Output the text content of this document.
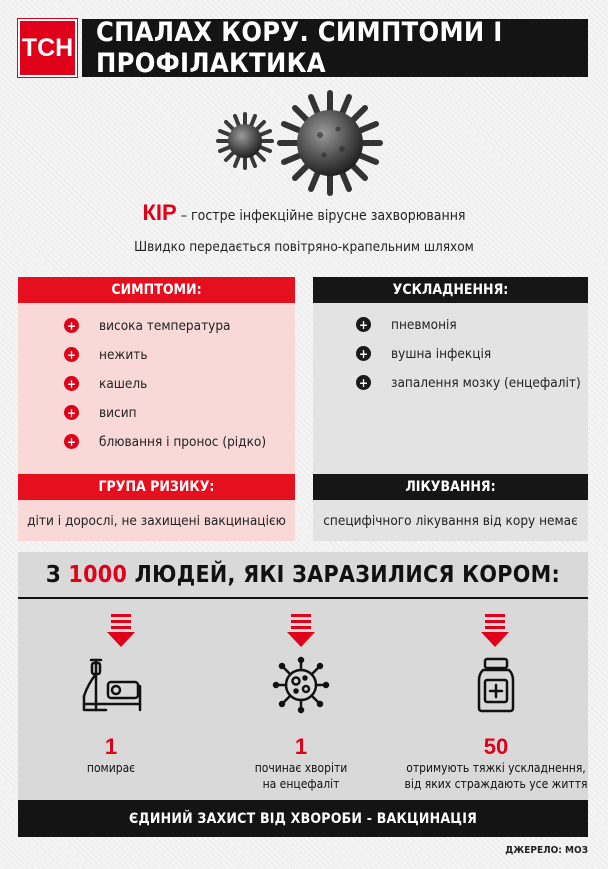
ТСН СПАЛАХ КОРУ. СИМПТОМИ І ПРОФІЛАКТИКА
КІР – гостре інфекційне вірусне захворювання
Швидко передається повітряно-крапельним шляхом
СИМПТОМИ:
+ висока температура
+ нежить
+ кашель
+ висип
+ блювання і пронос (рідко)
УСКЛАДНЕННЯ:
+ пневмонія
+ вушна інфекція
+ запалення мозку (енцефаліт)
ГРУПА РИЗИКУ:
діти і дорослі, не захищені вакцинацією
ЛІКУВАННЯ:
специфічного лікування від кору немає
З 1000 ЛЮДЕЙ, ЯКІ ЗАРАЗИЛИСЯ КОРОМ:
1
помирає
1
починає хворіти
на енцефаліт
50
отримують тяжкі ускладнення,
від яких страждають усе життя
ЄДИНИЙ ЗАХИСТ ВІД ХВОРОБИ - ВАКЦИНАЦІЯ
ДЖЕРЕЛО: МОЗ
